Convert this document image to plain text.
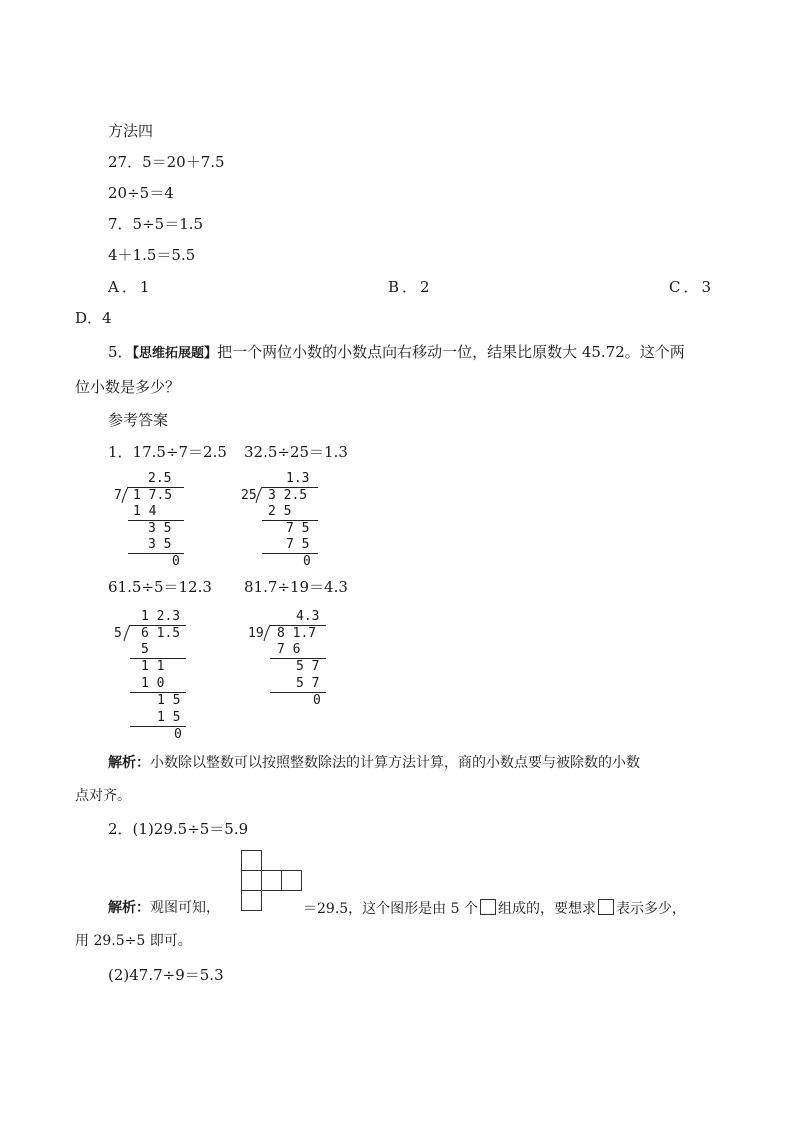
方法四
27．5＝20＋7.5
20÷5＝4
7．5÷5＝1.5
4＋1.5＝5.5
A．1	B．2	C．3
D．4
5．【思维拓展题】把一个两位小数的小数点向右移动一位，结果比原数大 45.72。这个两
位小数是多少？
参考答案
1．17.5÷7＝2.5 32.5÷25＝1.3
2.5
7 1 7.5
1 4
3 5
3 5
0
1.3
25 3 2.5
2 5
7 5
7 5
0
61.5÷5＝12.3 81.7÷19＝4.3
1 2.3
5 6 1.5
5
1 1
1 0
1 5
1 5
0
4.3
19 8 1.7
7 6
5 7
5 7
0
解析：小数除以整数可以按照整数除法的计算方法计算，商的小数点要与被除数的小数
点对齐。
2．(1)29.5÷5＝5.9
解析：观图可知，	＝29.5，这个图形是由 5 个 组成的，要想求 表示多少，
用 29.5÷5 即可。
(2)47.7÷9＝5.3
